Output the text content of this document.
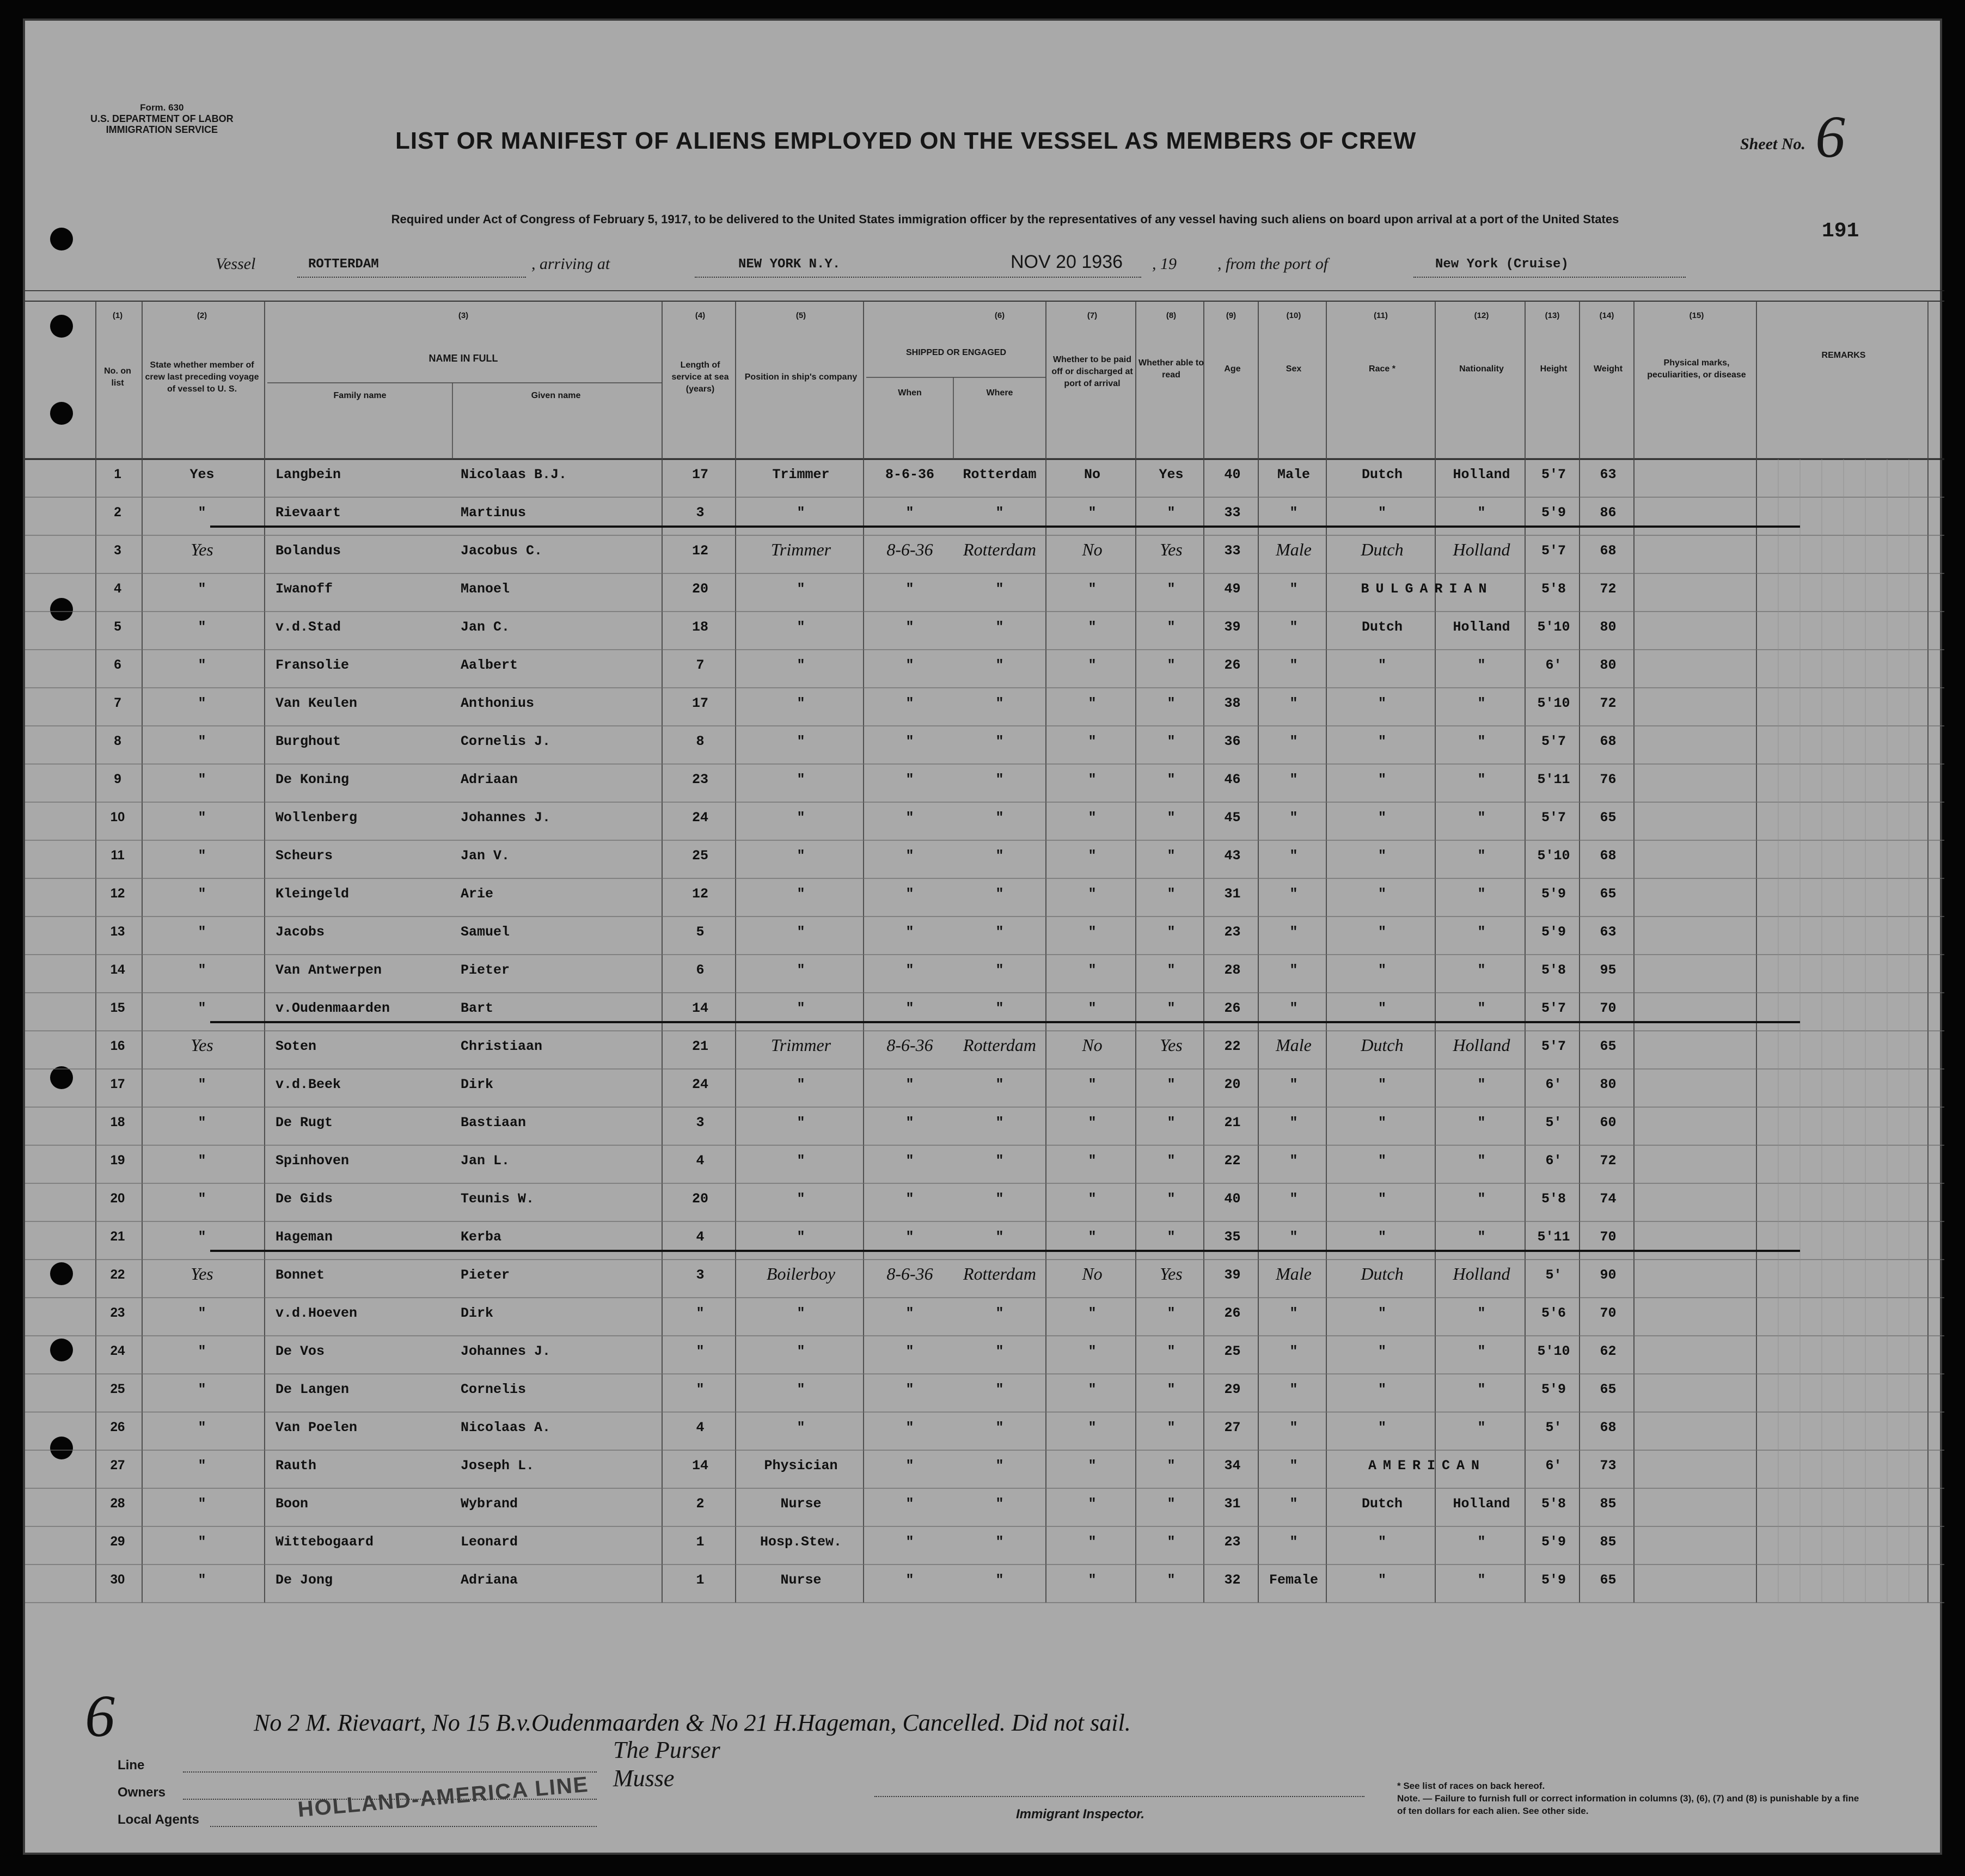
Form. 630
U.S. DEPARTMENT OF LABOR
IMMIGRATION SERVICE	LIST OR MANIFEST OF ALIENS EMPLOYED ON THE VESSEL AS MEMBERS OF CREW	Sheet No. 6
Required under Act of Congress of February 5, 1917, to be delivered to the United States immigration officer by the representatives of any vessel having such aliens on board upon arrival at a port of the United States
191
Vessel	ROTTERDAM	, arriving at	NEW YORK N.Y.	NOV 20 1936 , 19	, from the port of	New York (Cruise)
No. on list
State whether member of crew last preceding voyage of vessel to U. S.
NAME IN FULL
Family name	Given name
Length of service at sea (years)
Position in ship's company
SHIPPED OR ENGAGED
When	Where
Whether to be paid off or discharged at port of arrival
Whether able to read
Age	Sex	Race *	Nationality	Height	Weight
Physical marks, peculiarities, or disease
REMARKS
(1)	(2)	(3)	(4)	(5)	(6)	(7)	(8)	(9)	(10)	(11)	(12)	(13)	(14)	(15)
1	Yes	Langbein	Nicolaas B.J.	17	Trimmer	8-6-36	Rotterdam	No	Yes	40	Male	Dutch	Holland	5'7	63
2	"	Rievaart	Martinus	3	"	"	"	"	"	33	"	"	"	5'9	86
3	Yes	Bolandus	Jacobus C.	12	Trimmer	8-6-36	Rotterdam	No	Yes	33	Male	Dutch	Holland	5'7	68
4	"	Iwanoff	Manoel	20	"	"	"	"	"	49	"	BULGARIAN	5'8	72
5	"	v.d.Stad	Jan C.	18	"	"	"	"	"	39	"	Dutch	Holland	5'10	80
6	"	Fransolie	Aalbert	7	"	"	"	"	"	26	"	"	"	6'	80
7	"	Van Keulen	Anthonius	17	"	"	"	"	"	38	"	"	"	5'10	72
8	"	Burghout	Cornelis J.	8	"	"	"	"	"	36	"	"	"	5'7	68
9	"	De Koning	Adriaan	23	"	"	"	"	"	46	"	"	"	5'11	76
10	"	Wollenberg	Johannes J.	24	"	"	"	"	"	45	"	"	"	5'7	65
11	"	Scheurs	Jan V.	25	"	"	"	"	"	43	"	"	"	5'10	68
12	"	Kleingeld	Arie	12	"	"	"	"	"	31	"	"	"	5'9	65
13	"	Jacobs	Samuel	5	"	"	"	"	"	23	"	"	"	5'9	63
14	"	Van Antwerpen	Pieter	6	"	"	"	"	"	28	"	"	"	5'8	95
15	"	v.Oudenmaarden	Bart	14	"	"	"	"	"	26	"	"	"	5'7	70
16	Yes	Soten	Christiaan	21	Trimmer	8-6-36	Rotterdam	No	Yes	22	Male	Dutch	Holland	5'7	65
17	"	v.d.Beek	Dirk	24	"	"	"	"	"	20	"	"	"	6'	80
18	"	De Rugt	Bastiaan	3	"	"	"	"	"	21	"	"	"	5'	60
19	"	Spinhoven	Jan L.	4	"	"	"	"	"	22	"	"	"	6'	72
20	"	De Gids	Teunis W.	20	"	"	"	"	"	40	"	"	"	5'8	74
21	"	Hageman	Kerba	4	"	"	"	"	"	35	"	"	"	5'11	70
22	Yes	Bonnet	Pieter	3	Boilerboy	8-6-36	Rotterdam	No	Yes	39	Male	Dutch	Holland	5'	90
23	"	v.d.Hoeven	Dirk	"	"	"	"	"	"	26	"	"	"	5'6	70
24	"	De Vos	Johannes J.	"	"	"	"	"	"	25	"	"	"	5'10	62
25	"	De Langen	Cornelis	"	"	"	"	"	"	29	"	"	"	5'9	65
26	"	Van Poelen	Nicolaas A.	4	"	"	"	"	"	27	"	"	"	5'	68
27	"	Rauth	Joseph L.	14	Physician	"	"	"	"	34	"	AMERICAN	6'	73
28	"	Boon	Wybrand	2	Nurse	"	"	"	"	31	"	Dutch	Holland	5'8	85
29	"	Wittebogaard	Leonard	1	Hosp.Stew.	"	"	"	"	23	"	"	"	5'9	85
30	"	De Jong	Adriana	1	Nurse	"	"	"	"	32	Female	"	"	5'9	65
6	No 2 M. Rievaart, No 15 B.v.Oudenmaarden & No 21 H.Hageman, Cancelled. Did not sail.
Line
Owners
Local Agents
The Purser
Musse
HOLLAND-AMERICA LINE	Immigrant Inspector.
* See list of races on back hereof.
Note. — Failure to furnish full or correct information in columns (3), (6), (7) and (8) is punishable by a fine of ten dollars for each alien. See other side.
